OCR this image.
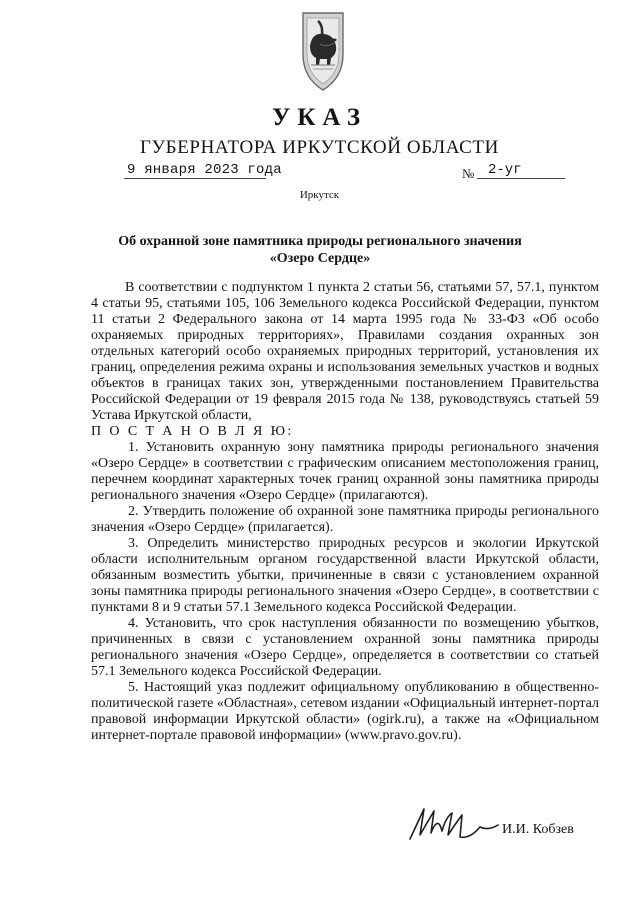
УКАЗ
ГУБЕРНАТОРА ИРКУТСКОЙ ОБЛАСТИ
9 января 2023 года	№ 2-уг
Иркутск
Об охранной зоне памятника природы регионального значения
«Озеро Сердце»

В соответствии с подпунктом 1 пункта 2 статьи 56, статьями 57, 57.1, пунктом 4 статьи 95, статьями 105, 106 Земельного кодекса Российской Федерации, пунктом 11 статьи 2 Федерального закона от 14 марта 1995 года № 33-ФЗ «Об особо охраняемых природных территориях», Правилами создания охранных зон отдельных категорий особо охраняемых природных территорий, установления их границ, определения режима охраны и использования земельных участков и водных объектов в границах таких зон, утвержденными постановлением Правительства Российской Федерации от 19 февраля 2015 года № 138, руководствуясь статьей 59 Устава Иркутской области,

П О С Т А Н О В Л Я Ю:

1. Установить охранную зону памятника природы регионального значения «Озеро Сердце» в соответствии с графическим описанием местоположения границ, перечнем координат характерных точек границ охранной зоны памятника природы регионального значения «Озеро Сердце» (прилагаются).

2. Утвердить положение об охранной зоне памятника природы регионального значения «Озеро Сердце» (прилагается).

3. Определить министерство природных ресурсов и экологии Иркутской области исполнительным органом государственной власти Иркутской области, обязанным возместить убытки, причиненные в связи с установлением охранной зоны памятника природы регионального значения «Озеро Сердце», в соответствии с пунктами 8 и 9 статьи 57.1 Земельного кодекса Российской Федерации.

4. Установить, что срок наступления обязанности по возмещению убытков, причиненных в связи с установлением охранной зоны памятника природы регионального значения «Озеро Сердце», определяется в соответствии со статьей 57.1 Земельного кодекса Российской Федерации.

5. Настоящий указ подлежит официальному опубликованию в общественно-политической газете «Областная», сетевом издании «Официальный интернет-портал правовой информации Иркутской области» (ogirk.ru), а также на «Официальном интернет-портале правовой информации» (www.pravo.gov.ru).

И.И. Кобзев
